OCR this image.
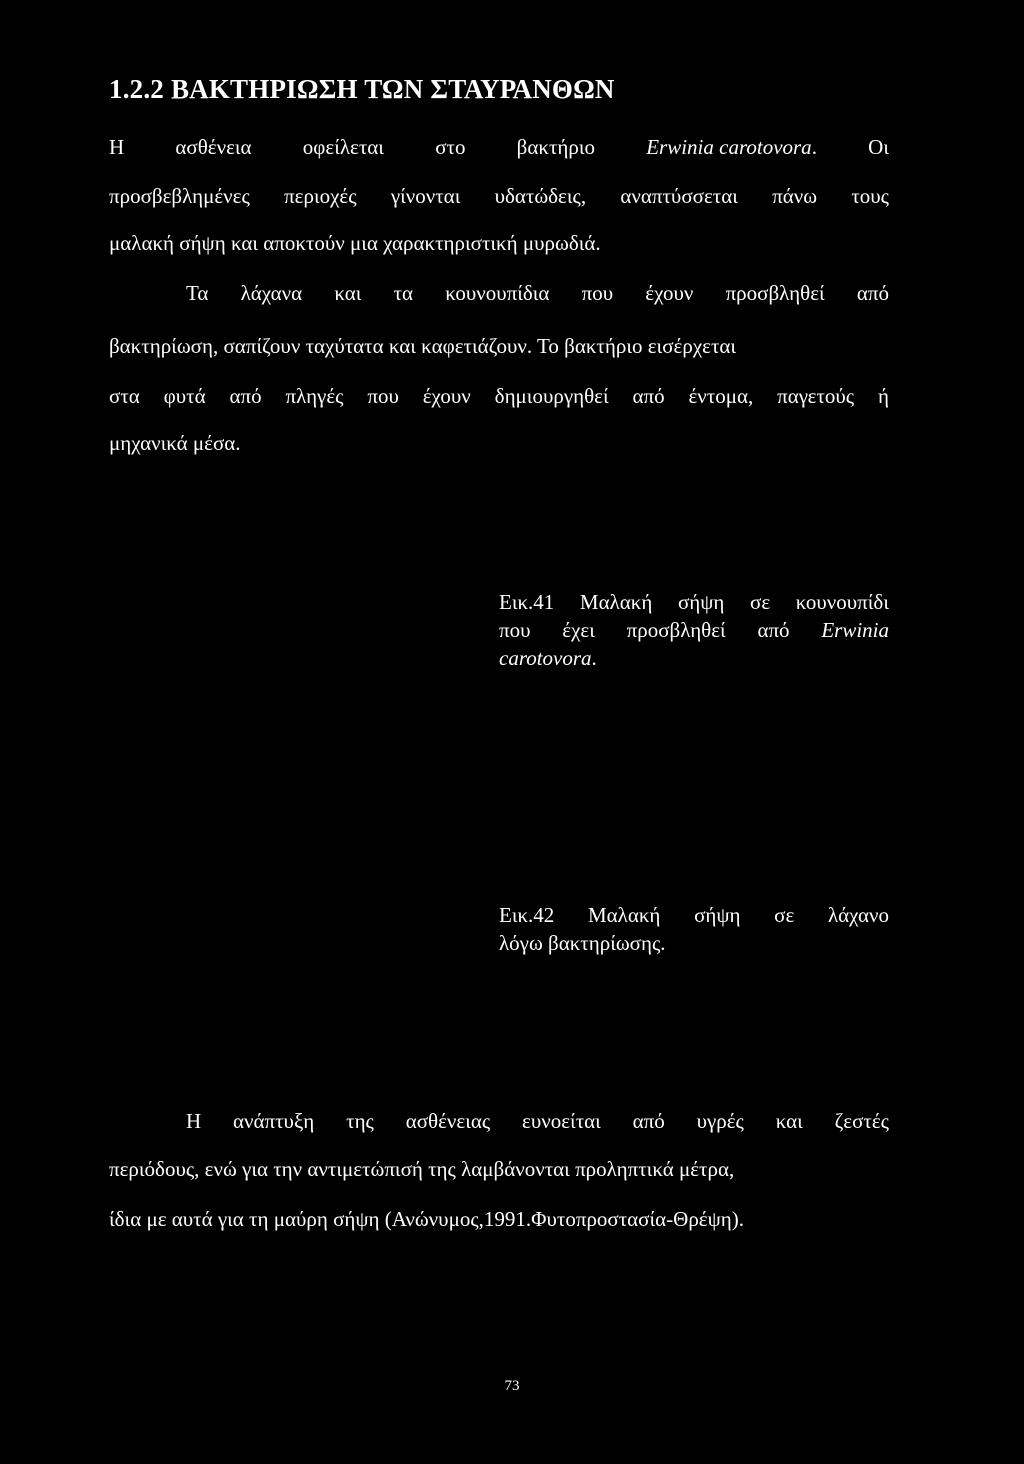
1.2.2 ΒΑΚΤΗΡΙΩΣΗ ΤΩΝ ΣΤΑΥΡΑΝΘΩΝ
Η ασθένεια οφείλεται στο βακτήριο Erwinia carotovora. Οι
προσβεβλημένες περιοχές γίνονται υδατώδεις, αναπτύσσεται πάνω τους
μαλακή σήψη και αποκτούν μια χαρακτηριστική μυρωδιά.
Τα λάχανα και τα κουνουπίδια που έχουν προσβληθεί από
βακτηρίωση, σαπίζουν ταχύτατα και καφετιάζουν. Το βακτήριο εισέρχεται
στα φυτά από πληγές που έχουν δημιουργηθεί από έντομα, παγετούς ή
μηχανικά μέσα.
Εικ.41 Μαλακή σήψη σε κουνουπίδι
που έχει προσβληθεί από Erwinia
carotovora.
Εικ.42 Μαλακή σήψη σε λάχανο
λόγω βακτηρίωσης.
Η ανάπτυξη της ασθένειας ευνοείται από υγρές και ζεστές
περιόδους, ενώ για την αντιμετώπισή της λαμβάνονται προληπτικά μέτρα,
ίδια με αυτά για τη μαύρη σήψη (Ανώνυμος,1991.Φυτοπροστασία-Θρέψη).
73
